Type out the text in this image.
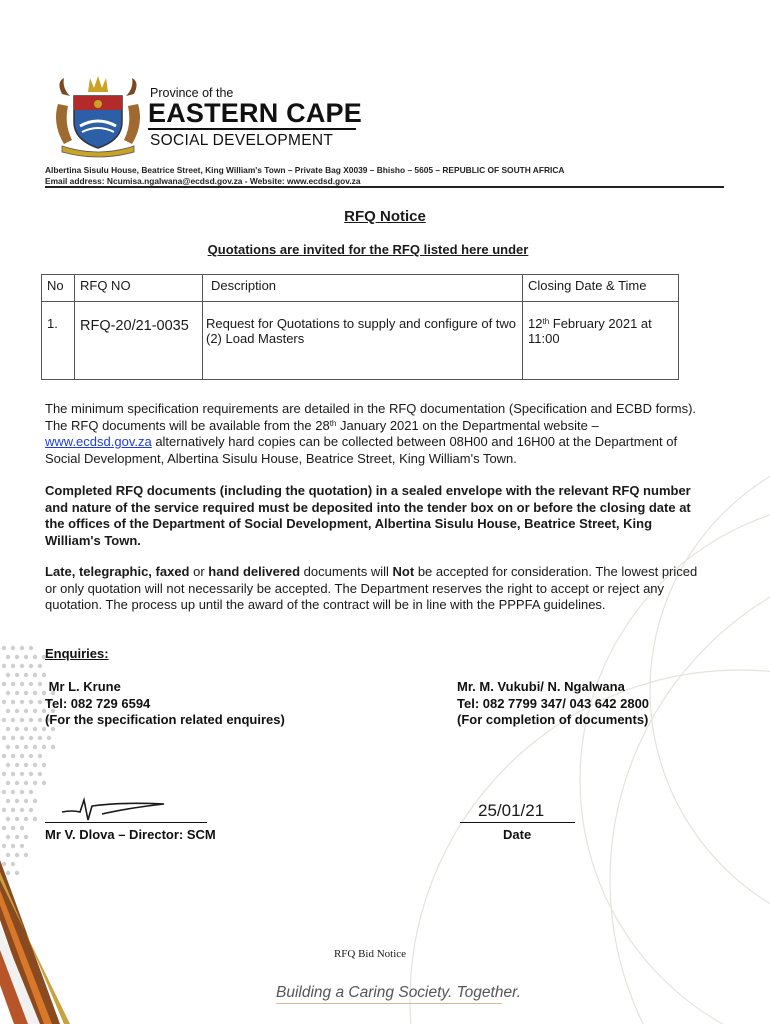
Province of the
EASTERN CAPE
SOCIAL DEVELOPMENT
Albertina Sisulu House, Beatrice Street, King William's Town – Private Bag X0039 – Bhisho – 5605 – REPUBLIC OF SOUTH AFRICA
Email address: Ncumisa.ngalwana@ecdsd.gov.za - Website: www.ecdsd.gov.za
RFQ Notice
Quotations are invited for the RFQ listed here under
No	RFQ NO	Description	Closing Date & Time
1.	RFQ-20/21-0035	Request for Quotations to supply and configure of two (2) Load Masters	12th February 2021 at
11:00
The minimum specification requirements are detailed in the RFQ documentation (Specification and ECBD forms). The RFQ documents will be available from the 28th January 2021 on the Departmental website – www.ecdsd.gov.za alternatively hard copies can be collected between 08H00 and 16H00 at the Department of Social Development, Albertina Sisulu House, Beatrice Street, King William's Town.
Completed RFQ documents (including the quotation) in a sealed envelope with the relevant RFQ number and nature of the service required must be deposited into the tender box on or before the closing date at the offices of the Department of Social Development, Albertina Sisulu House, Beatrice Street, King William's Town.
Late, telegraphic, faxed or hand delivered documents will Not be accepted for consideration. The lowest priced or only quotation will not necessarily be accepted. The Department reserves the right to accept or reject any quotation. The process up until the award of the contract will be in line with the PPPFA guidelines.
Enquiries:
Mr L. Krune
Tel: 082 729 6594
(For the specification related enquires)
Mr. M. Vukubi/ N. Ngalwana
Tel: 082 7799 347/ 043 642 2800
(For completion of documents)
Mr V. Dlova – Director: SCM
25/01/21
Date
RFQ Bid Notice
Building a Caring Society. Together.
